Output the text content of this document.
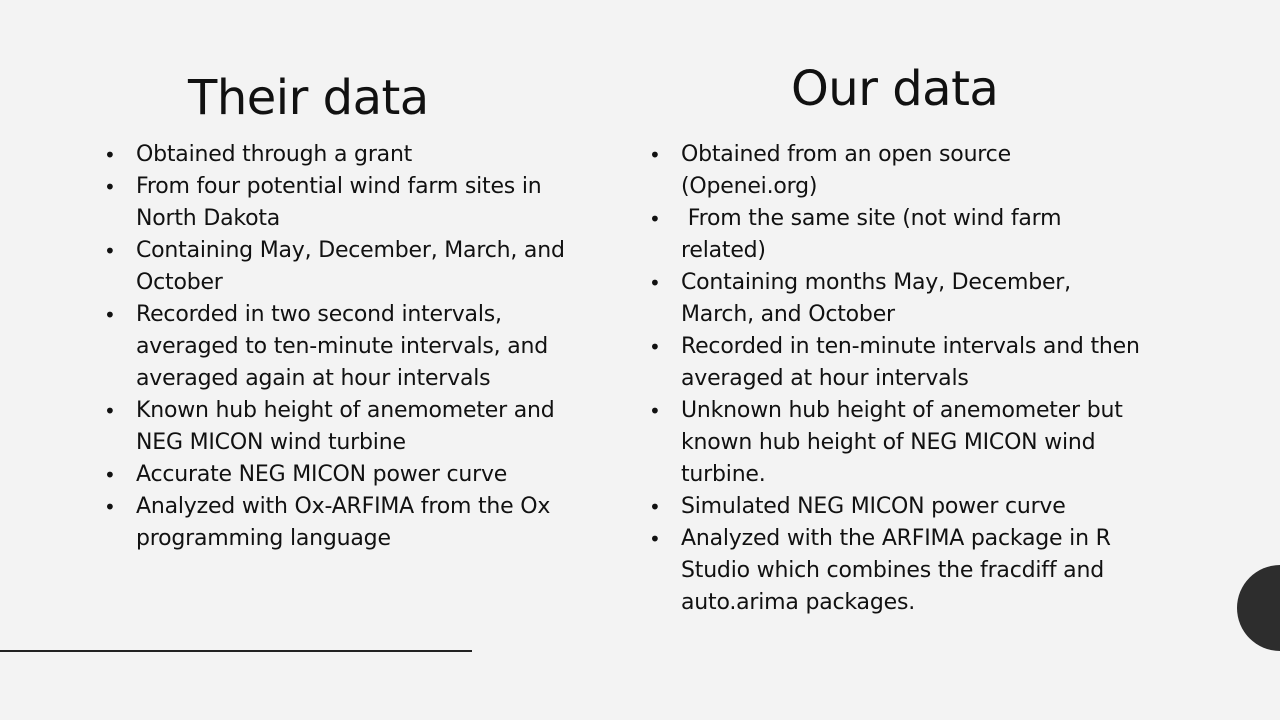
Their data
• Obtained through a grant
• From four potential wind farm sites in North Dakota
• Containing May, December, March, and October
• Recorded in two second intervals, averaged to ten-minute intervals, and averaged again at hour intervals
• Known hub height of anemometer and NEG MICON wind turbine
• Accurate NEG MICON power curve
• Analyzed with Ox-ARFIMA from the Ox programming language
Our data
• Obtained from an open source (Openei.org)
•  From the same site (not wind farm related)
• Containing months May, December, March, and October
• Recorded in ten-minute intervals and then averaged at hour intervals
• Unknown hub height of anemometer but known hub height of NEG MICON wind turbine.
• Simulated NEG MICON power curve
• Analyzed with the ARFIMA package in R Studio which combines the fracdiff and auto.arima packages.
